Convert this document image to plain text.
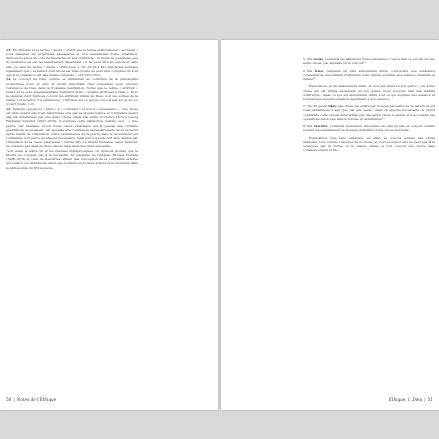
13.En utilisant ici le terme « mode » plutôt que le terme aristotélicien « accident » pour désigner les propriétés passagères et non essentielles d'une substance, Spinoza se place du côté de Descartes et non d'Aristote : le mode ne s'explique que la substance en est nécessairement dépendant ; il ne peut être ni concevoir sans elle. Le sens du terme « mode » (Principes, I, 56, AT IX-2 49). Descartes souligne également que « la nature d'un mode est telle qu'elle ne peut être comprise du tout que si la substance est elle-même comprise » (AT VII-2 355).

14.Le concept de Dieu comme en infiniment au contraire de la philosophie scolastique n'est ni plus ni moins important chez Descartes pour prouver l'existence de Dieu dans la troisième méditation. Notez que le terme « attribut » prend ici le sens supplémentaire d'attribut divin « qualité attribuée à Dieu ». Pour la manière dont Spinoza conçoit les attributs infinis de Dieu, voir les scolies de la partie I et la lettre 2 à Oldenburg : l'attribut est ce qui se conçoit par soi et en soi (Court traité, I, 2).

15.Spinoza oppose ici « libre » à « contraint » et non à « nécessaire » : une chose est libre quand elle n'est déterminée que par sa propre nature et contrainte quand elle est déterminée par une autre chose. Dans une lettre d'octobre 1674 à Georg Hermann Schuller (1651-1679), il explique cette distinction comme ceci : « Une pierre, par exemple, reçoit d'une cause extérieure qui la pousse une certaine quantité de mouvement, par laquelle elle continuera nécessairement de se mouvoir après l'arrêt de l'impulsion. Cette permanence de la pierre dans le mouvement est contrainte, non parce qu'elle est nécessaire, mais parce qu'elle doit être définie par l'impulsion de la cause extérieure » (lettre 58). La liberté humaine, selon Spinoza, ne consiste pas dans un libre décret mais dans une libre nécessité.

Voir aussi la lettre 56 et les Pensées métaphysiques, où Spinoza montre que la liberté ne s'oppose pas à la nécessité. La physique de l'Anglais Thomas Hobbes (1588-1679) et celle de Descartes offrent une conception de la contrainte externe qui éclaire ces définitions, ainsi que le débat sur le libre arbitre et la nécessité dans la philosophie du XVIIe siècle.

50 | Notes de l'Éthique

5.Par mode, j'entends les affections d'une substance, c'est-à-dire ce qui est en une autre chose, par laquelle on le conçoit¹³.

6.Par Dieu, j'entends un être absolument infini, c'est-à-dire une substance consistant en une infinité d'attributs dont chacun exprime une essence éternelle et infinie¹⁴.

Explication. Je dis absolument infini, et non pas infini en son genre ; car d'une chose qui est infinie seulement en son genre, nous pouvons nier une infinité d'attributs ; mais, ce qui est absolument infini, tout ce qui exprime une essence et n'enveloppe aucune négation appartient à son essence.

7.On dit qu'est libre une chose qui existe par la seule nécessité de sa nature et qui n'est déterminée à agir que par elle seule ; mais on appelle nécessaire ou plutôt contrainte celle qui est déterminée par une autre chose à exister et à accomplir ses opérations selon une raison précise et déterminée¹⁵.

8.Par éternité, j'entends l'existence elle-même en tant qu'elle se conçoit comme suivant nécessairement de la seule définition d'une chose éternelle.

Explication. Une telle existence, en effet, se conçoit comme une vérité éternelle, tout comme l'essence de la chose, et c'est pourquoi elle ne peut pas être expliquée par la durée ou le temps, même si l'on conçoit une durée sans commencement ni fin.

Éthique, I. Dieu | 51
